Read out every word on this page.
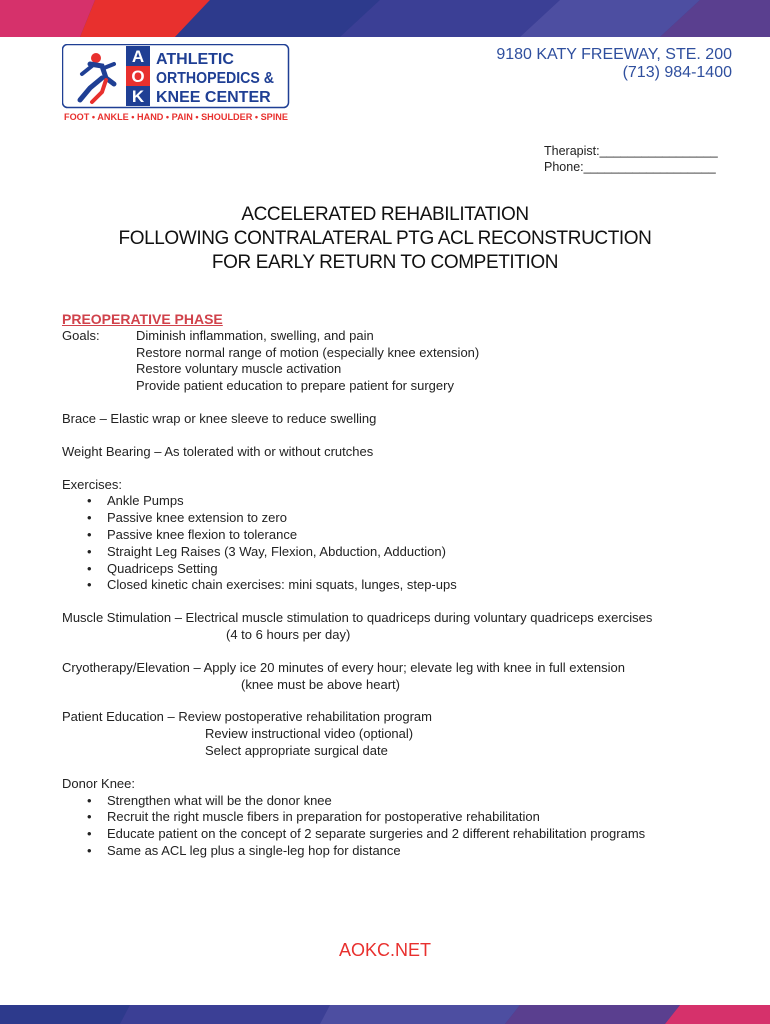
A
O
K
ATHLETIC
ORTHOPEDICS &
KNEE CENTER
FOOT • ANKLE • HAND • PAIN • SHOULDER • SPINE
9180 KATY FREEWAY, STE. 200
(713) 984-1400
Therapist:_________________
Phone:___________________
ACCELERATED REHABILITATION
FOLLOWING CONTRALATERAL PTG ACL RECONSTRUCTION
FOR EARLY RETURN TO COMPETITION
PREOPERATIVE PHASE
Goals:	Diminish inflammation, swelling, and pain
Restore normal range of motion (especially knee extension)
Restore voluntary muscle activation
Provide patient education to prepare patient for surgery
Brace – Elastic wrap or knee sleeve to reduce swelling
Weight Bearing – As tolerated with or without crutches
Exercises:
• Ankle Pumps
• Passive knee extension to zero
• Passive knee flexion to tolerance
• Straight Leg Raises (3 Way, Flexion, Abduction, Adduction)
• Quadriceps Setting
• Closed kinetic chain exercises: mini squats, lunges, step-ups
Muscle Stimulation – Electrical muscle stimulation to quadriceps during voluntary quadriceps exercises
(4 to 6 hours per day)
Cryotherapy/Elevation – Apply ice 20 minutes of every hour; elevate leg with knee in full extension
(knee must be above heart)
Patient Education – Review postoperative rehabilitation program
Review instructional video (optional)
Select appropriate surgical date
Donor Knee:
• Strengthen what will be the donor knee
• Recruit the right muscle fibers in preparation for postoperative rehabilitation
• Educate patient on the concept of 2 separate surgeries and 2 different rehabilitation programs
• Same as ACL leg plus a single-leg hop for distance
AOKC.NET
